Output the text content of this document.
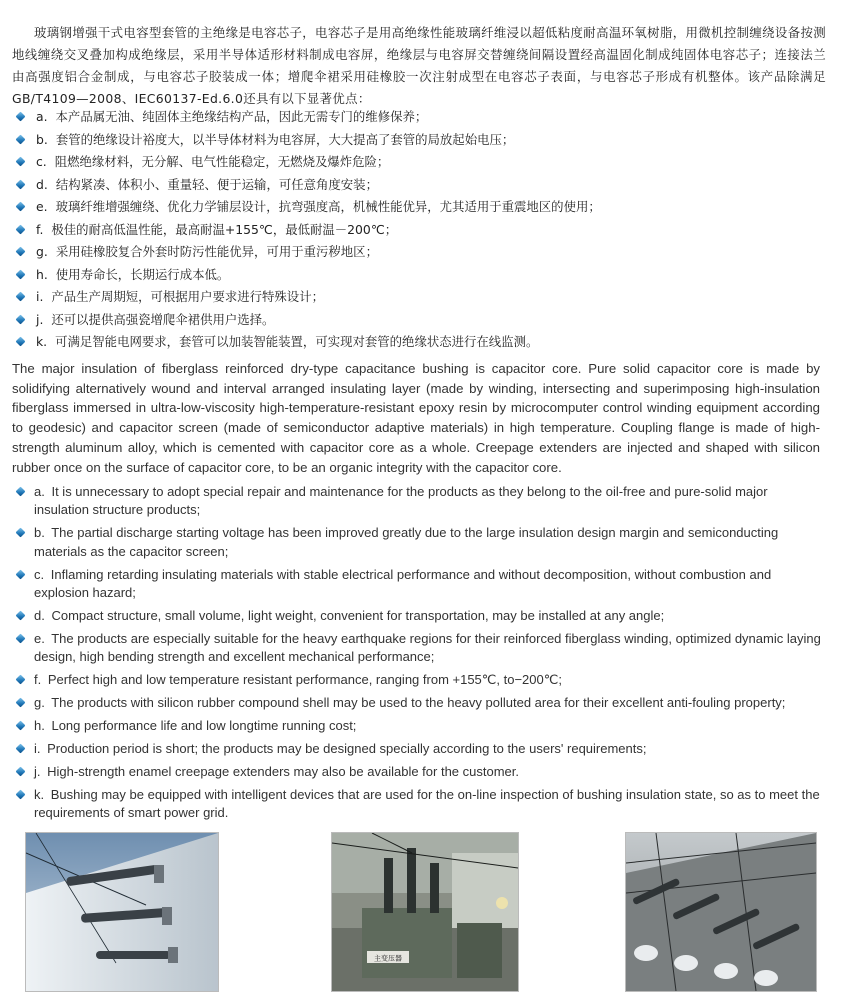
玻璃钢增强干式电容型套管的主绝缘是电容芯子，电容芯子是用高绝缘性能玻璃纤维浸以超低粘度耐高温环氧树脂，用微机控制缠绕设备按测地线缠绕交叉叠加构成绝缘层，采用半导体适形材料制成电容屏，绝缘层与电容屏交替缠绕间隔设置经高温固化制成纯固体电容芯子；连接法兰由高强度铝合金制成，与电容芯子胶装成一体；增爬伞裙采用硅橡胶一次注射成型在电容芯子表面，与电容芯子形成有机整体。该产品除满足GB/T4109—2008、IEC60137-Ed.6.0还具有以下显著优点：

a. 本产品属无油、纯固体主绝缘结构产品，因此无需专门的维修保养；
b. 套管的绝缘设计裕度大，以半导体材料为电容屏，大大提高了套管的局放起始电压；
c. 阻燃绝缘材料，无分解、电气性能稳定，无燃烧及爆炸危险；
d. 结构紧凑、体积小、重量轻、便于运输，可任意角度安装；
e. 玻璃纤维增强缠绕、优化力学铺层设计，抗弯强度高，机械性能优异，尤其适用于重震地区的使用；
f. 极佳的耐高低温性能，最高耐温+155℃，最低耐温－200℃；
g. 采用硅橡胶复合外套时防污性能优异，可用于重污秽地区；
h. 使用寿命长，长期运行成本低。
i. 产品生产周期短，可根据用户要求进行特殊设计；
j. 还可以提供高强瓷增爬伞裙供用户选择。
k. 可满足智能电网要求，套管可以加装智能装置，可实现对套管的绝缘状态进行在线监测。

The major insulation of fiberglass reinforced dry-type capacitance bushing is capacitor core. Pure solid capacitor core is made by solidifying alternatively wound and interval arranged insulating layer (made by winding, intersecting and superimposing high-insulation fiberglass immersed in ultra-low-viscosity high-temperature-resistant epoxy resin by microcomputer control winding equipment according to geodesic) and capacitor screen (made of semiconductor adaptive materials) in high temperature. Coupling flange is made of high-strength aluminum alloy, which is cemented with capacitor core as a whole. Creepage extenders are injected and shaped with silicon rubber once on the surface of capacitor core, to be an organic integrity with the capacitor core.

a. It is unnecessary to adopt special repair and maintenance for the products as they belong to the oil-free and pure-solid major insulation structure products;
b. The partial discharge starting voltage has been improved greatly due to the large insulation design margin and semiconducting materials as the capacitor screen;
c. Inflaming retarding insulating materials with stable electrical performance and without decomposition, without combustion and explosion hazard;
d. Compact structure, small volume, light weight, convenient for transportation, may be installed at any angle;
e. The products are especially suitable for the heavy earthquake regions for their reinforced fiberglass winding, optimized dynamic laying design, high bending strength and excellent mechanical performance;
f. Perfect high and low temperature resistant performance, ranging from +155℃, to−200℃;
g. The products with silicon rubber compound shell may be used to the heavy polluted area for their excellent anti-fouling property;
h. Long performance life and low longtime running cost;
i. Production period is short; the products may be designed specially according to the users' requirements;
j. High-strength enamel creepage extenders may also be available for the customer.
k. Bushing may be equipped with intelligent devices that are used for the on-line inspection of bushing insulation state, so as to meet the requirements of smart power grid.
主变压器
